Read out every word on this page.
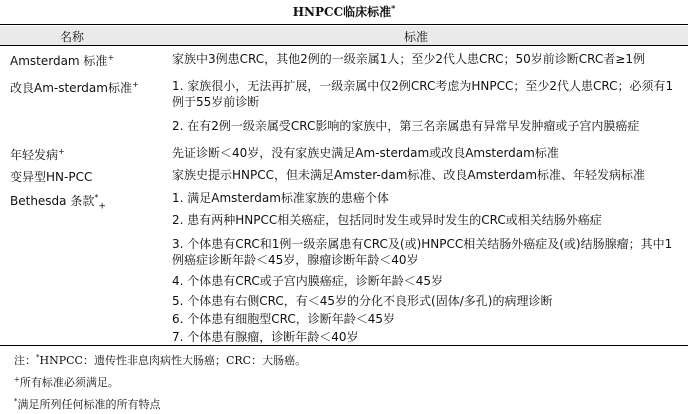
HNPCC临床标准*
名称	标准
Amsterdam 标准+	家族中3例患CRC，其他2例的一级亲属1人；至少2代人患CRC；50岁前诊断CRC者≥1例
改良Am-sterdam标准+	1. 家族很小，无法再扩展，一级亲属中仅2例CRC考虑为HNPCC；至少2代人患CRC；必须有1例于55岁前诊断
2. 在有2例一级亲属受CRC影响的家族中，第三名亲属患有异常早发肿瘤或子宫内膜癌症
年轻发病+	先证诊断＜40岁，没有家族史满足Am-sterdam或改良Amsterdam标准
变异型HN-PCC	家族史提示HNPCC，但未满足Amster-dam标准、改良Amsterdam标准、年轻发病标准
Bethesda 条款*$_+$
1. 满足Amsterdam标准家族的患癌个体
2. 患有两种HNPCC相关癌症，包括同时发生或异时发生的CRC或相关结肠外癌症
3. 个体患有CRC和1例一级亲属患有CRC及(或)HNPCC相关结肠外癌症及(或)结肠腺瘤；其中1例癌症诊断年龄＜45岁，腺瘤诊断年龄＜40岁
4. 个体患有CRC或子宫内膜癌症，诊断年龄＜45岁
5. 个体患有右侧CRC，有＜45岁的分化不良形式(固体/多孔)的病理诊断
6. 个体患有细胞型CRC，诊断年龄＜45岁
7. 个体患有腺瘤，诊断年龄＜40岁
注：*HNPCC：遗传性非息肉病性大肠癌；CRC：大肠癌。
+所有标准必须满足。
*满足所列任何标准的所有特点
